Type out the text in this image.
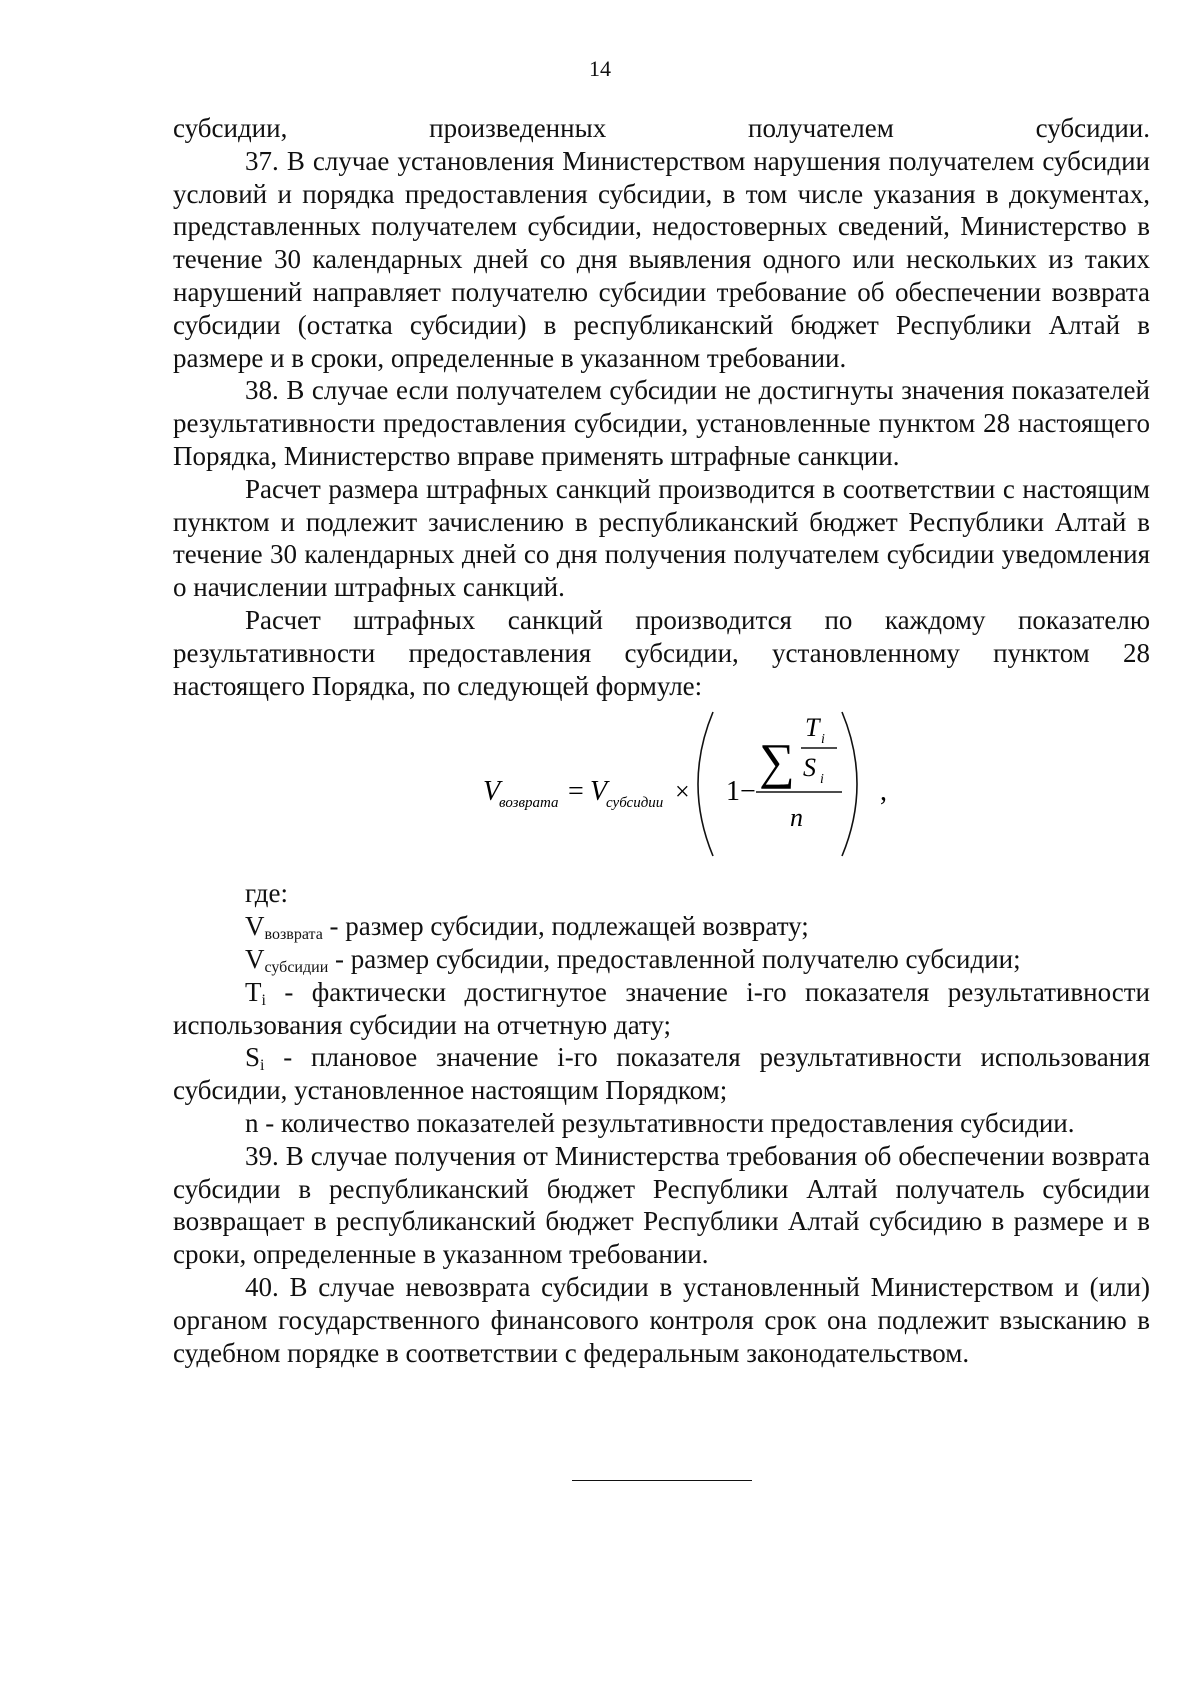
14

субсидии, произведенных получателем субсидии.

37. В случае установления Министерством нарушения получателем субсидии условий и порядка предоставления субсидии, в том числе указания в документах, представленных получателем субсидии, недостоверных сведений, Министерство в течение 30 календарных дней со дня выявления одного или нескольких из таких нарушений направляет получателю субсидии требование об обеспечении возврата субсидии (остатка субсидии) в республиканский бюджет Республики Алтай в размере и в сроки, определенные в указанном требовании.

38. В случае если получателем субсидии не достигнуты значения показателей результативности предоставления субсидии, установленные пунктом 28 настоящего Порядка, Министерство вправе применять штрафные санкции.

Расчет размера штрафных санкций производится в соответствии с настоящим пунктом и подлежит зачислению в республиканский бюджет Республики Алтай в течение 30 календарных дней со дня получения получателем субсидии уведомления о начислении штрафных санкций.

Расчет штрафных санкций производится по каждому показателю результативности предоставления субсидии, установленному пунктом 28 настоящего Порядка, по следующей формуле:

V
возврата = V
субсидии × 1−
∑
T i
S i
n
,

где:

$V_{возврата}$ - размер субсидии, подлежащей возврату;

$V_{субсидии}$ - размер субсидии, предоставленной получателю субсидии;

$T_i$ - фактически достигнутое значение i-го показателя результативности использования субсидии на отчетную дату;

$S_i$ - плановое значение i-го показателя результативности использования субсидии, установленное настоящим Порядком;

n - количество показателей результативности предоставления субсидии.

39. В случае получения от Министерства требования об обеспечении возврата субсидии в республиканский бюджет Республики Алтай получатель субсидии возвращает в республиканский бюджет Республики Алтай субсидию в размере и в сроки, определенные в указанном требовании.

40. В случае невозврата субсидии в установленный Министерством и (или) органом государственного финансового контроля срок она подлежит взысканию в судебном порядке в соответствии с федеральным законодательством.
